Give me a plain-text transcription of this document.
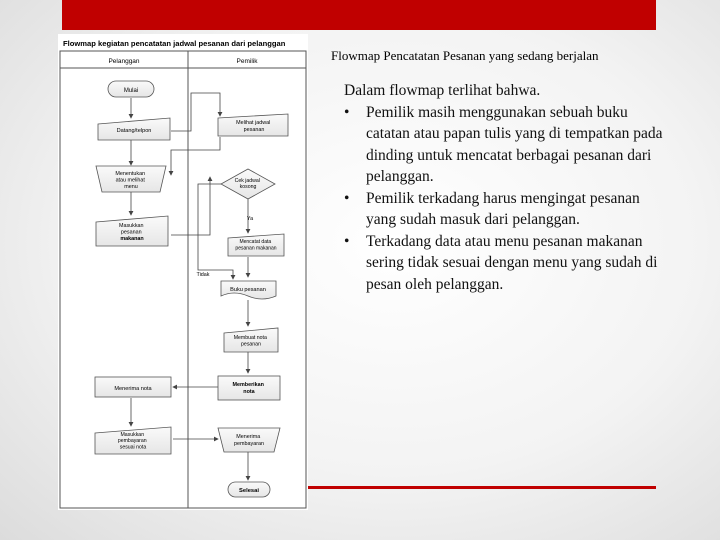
Flowmap kegiatan pencatatan jadwal pesanan dari pelanggan
Pelanggan	Pemilik
Mulai
Datang/telpon
Menentukan atau melihat menu
Masukkan pesanan makanan
Menerima nota
Masukkan pembayaran sesuai nota
Melihat jadwal pesanan
Cek jadwal kosong
Ya
Tidak
Mencatat data pesanan makanan
Buku pesanan
Membuat nota pesanan
Memberikan nota
Menerima pembayaran
Selesai
Flowmap Pencatatan Pesanan yang sedang berjalan

Dalam flowmap terlihat bahwa.

• Pemilik masih menggunakan sebuah buku catatan atau papan tulis yang di tempatkan pada dinding untuk mencatat berbagai pesanan dari pelanggan.
• Pemilik terkadang harus mengingat pesanan yang sudah masuk dari pelanggan.
• Terkadang data atau menu pesanan makanan sering tidak sesuai dengan menu yang sudah di pesan oleh pelanggan.
